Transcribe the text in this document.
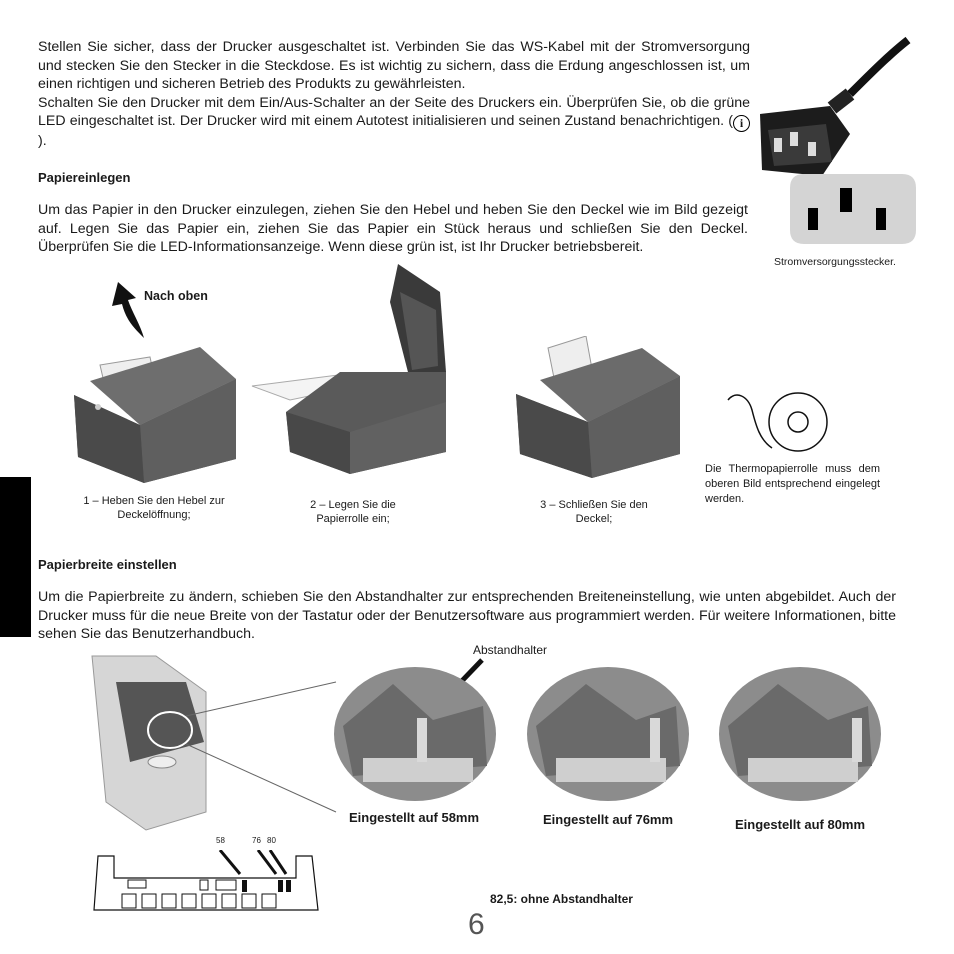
Stellen Sie sicher, dass der Drucker ausgeschaltet ist. Verbinden Sie das WS-Kabel mit der Stromversorgung und stecken Sie den Stecker in die Steckdose. Es ist wichtig zu sichern, dass die Erdung angeschlossen ist, um einen richtigen und sicheren Betrieb des Produkts zu gewährleisten.
Schalten Sie den Drucker mit dem Ein/Aus-Schalter an der Seite des Druckers ein. Überprüfen Sie, ob die grüne LED eingeschaltet ist. Der Drucker wird mit einem Autotest initialisieren und seinen Zustand benachrichtigen. ( i).
Stromversorgungsstecker.
Papiereinlegen
Um das Papier in den Drucker einzulegen, ziehen Sie den Hebel und heben Sie den Deckel wie im Bild gezeigt auf. Legen Sie das Papier ein, ziehen Sie das Papier ein Stück heraus und schließen Sie den Deckel. Überprüfen Sie die LED-Informationsanzeige. Wenn diese grün ist, ist Ihr Drucker betriebsbereit.
Nach oben
1 – Heben Sie den Hebel zur Deckelöffnung;
2 – Legen Sie die Papierrolle ein;
3 – Schließen Sie den Deckel;
Die Thermopapierrolle muss dem oberen Bild entsprechend eingelegt werden.
Papierbreite einstellen
Um die Papierbreite zu ändern, schieben Sie den Abstandhalter zur entsprechenden Breiteneinstellung, wie unten abgebildet. Auch der Drucker muss für die neue Breite von der Tastatur oder der Benutzersoftware aus programmiert werden. Für weitere Informationen, bitte sehen Sie das Benutzerhandbuch.
Abstandhalter
Eingestellt auf 58mm	Eingestellt auf 76mm	Eingestellt auf 80mm
58	76 80
82,5: ohne Abstandhalter
6
